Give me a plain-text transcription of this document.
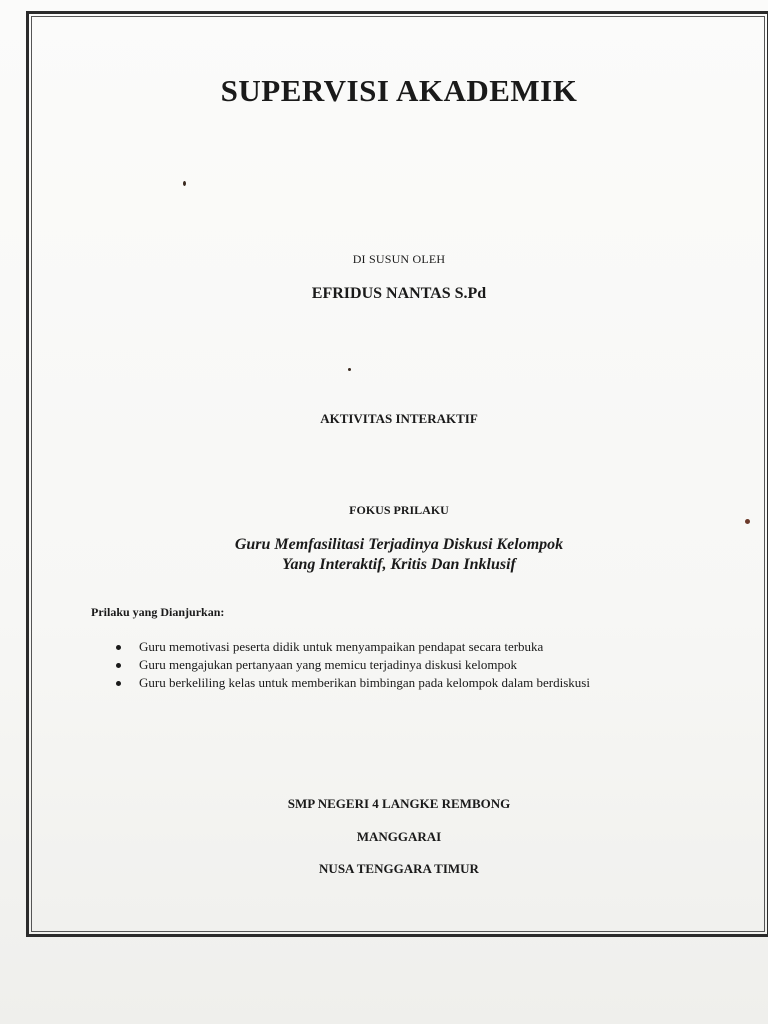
SUPERVISI AKADEMIK
DI SUSUN OLEH
EFRIDUS NANTAS S.Pd
AKTIVITAS INTERAKTIF
FOKUS PRILAKU
Guru Memfasilitasi Terjadinya Diskusi Kelompok
Yang Interaktif, Kritis Dan Inklusif
Prilaku yang Dianjurkan:
Guru memotivasi peserta didik untuk menyampaikan pendapat secara terbuka
Guru mengajukan pertanyaan yang memicu terjadinya diskusi kelompok
Guru berkeliling kelas untuk memberikan bimbingan pada kelompok dalam berdiskusi
SMP NEGERI 4 LANGKE REMBONG
MANGGARAI
NUSA TENGGARA TIMUR
